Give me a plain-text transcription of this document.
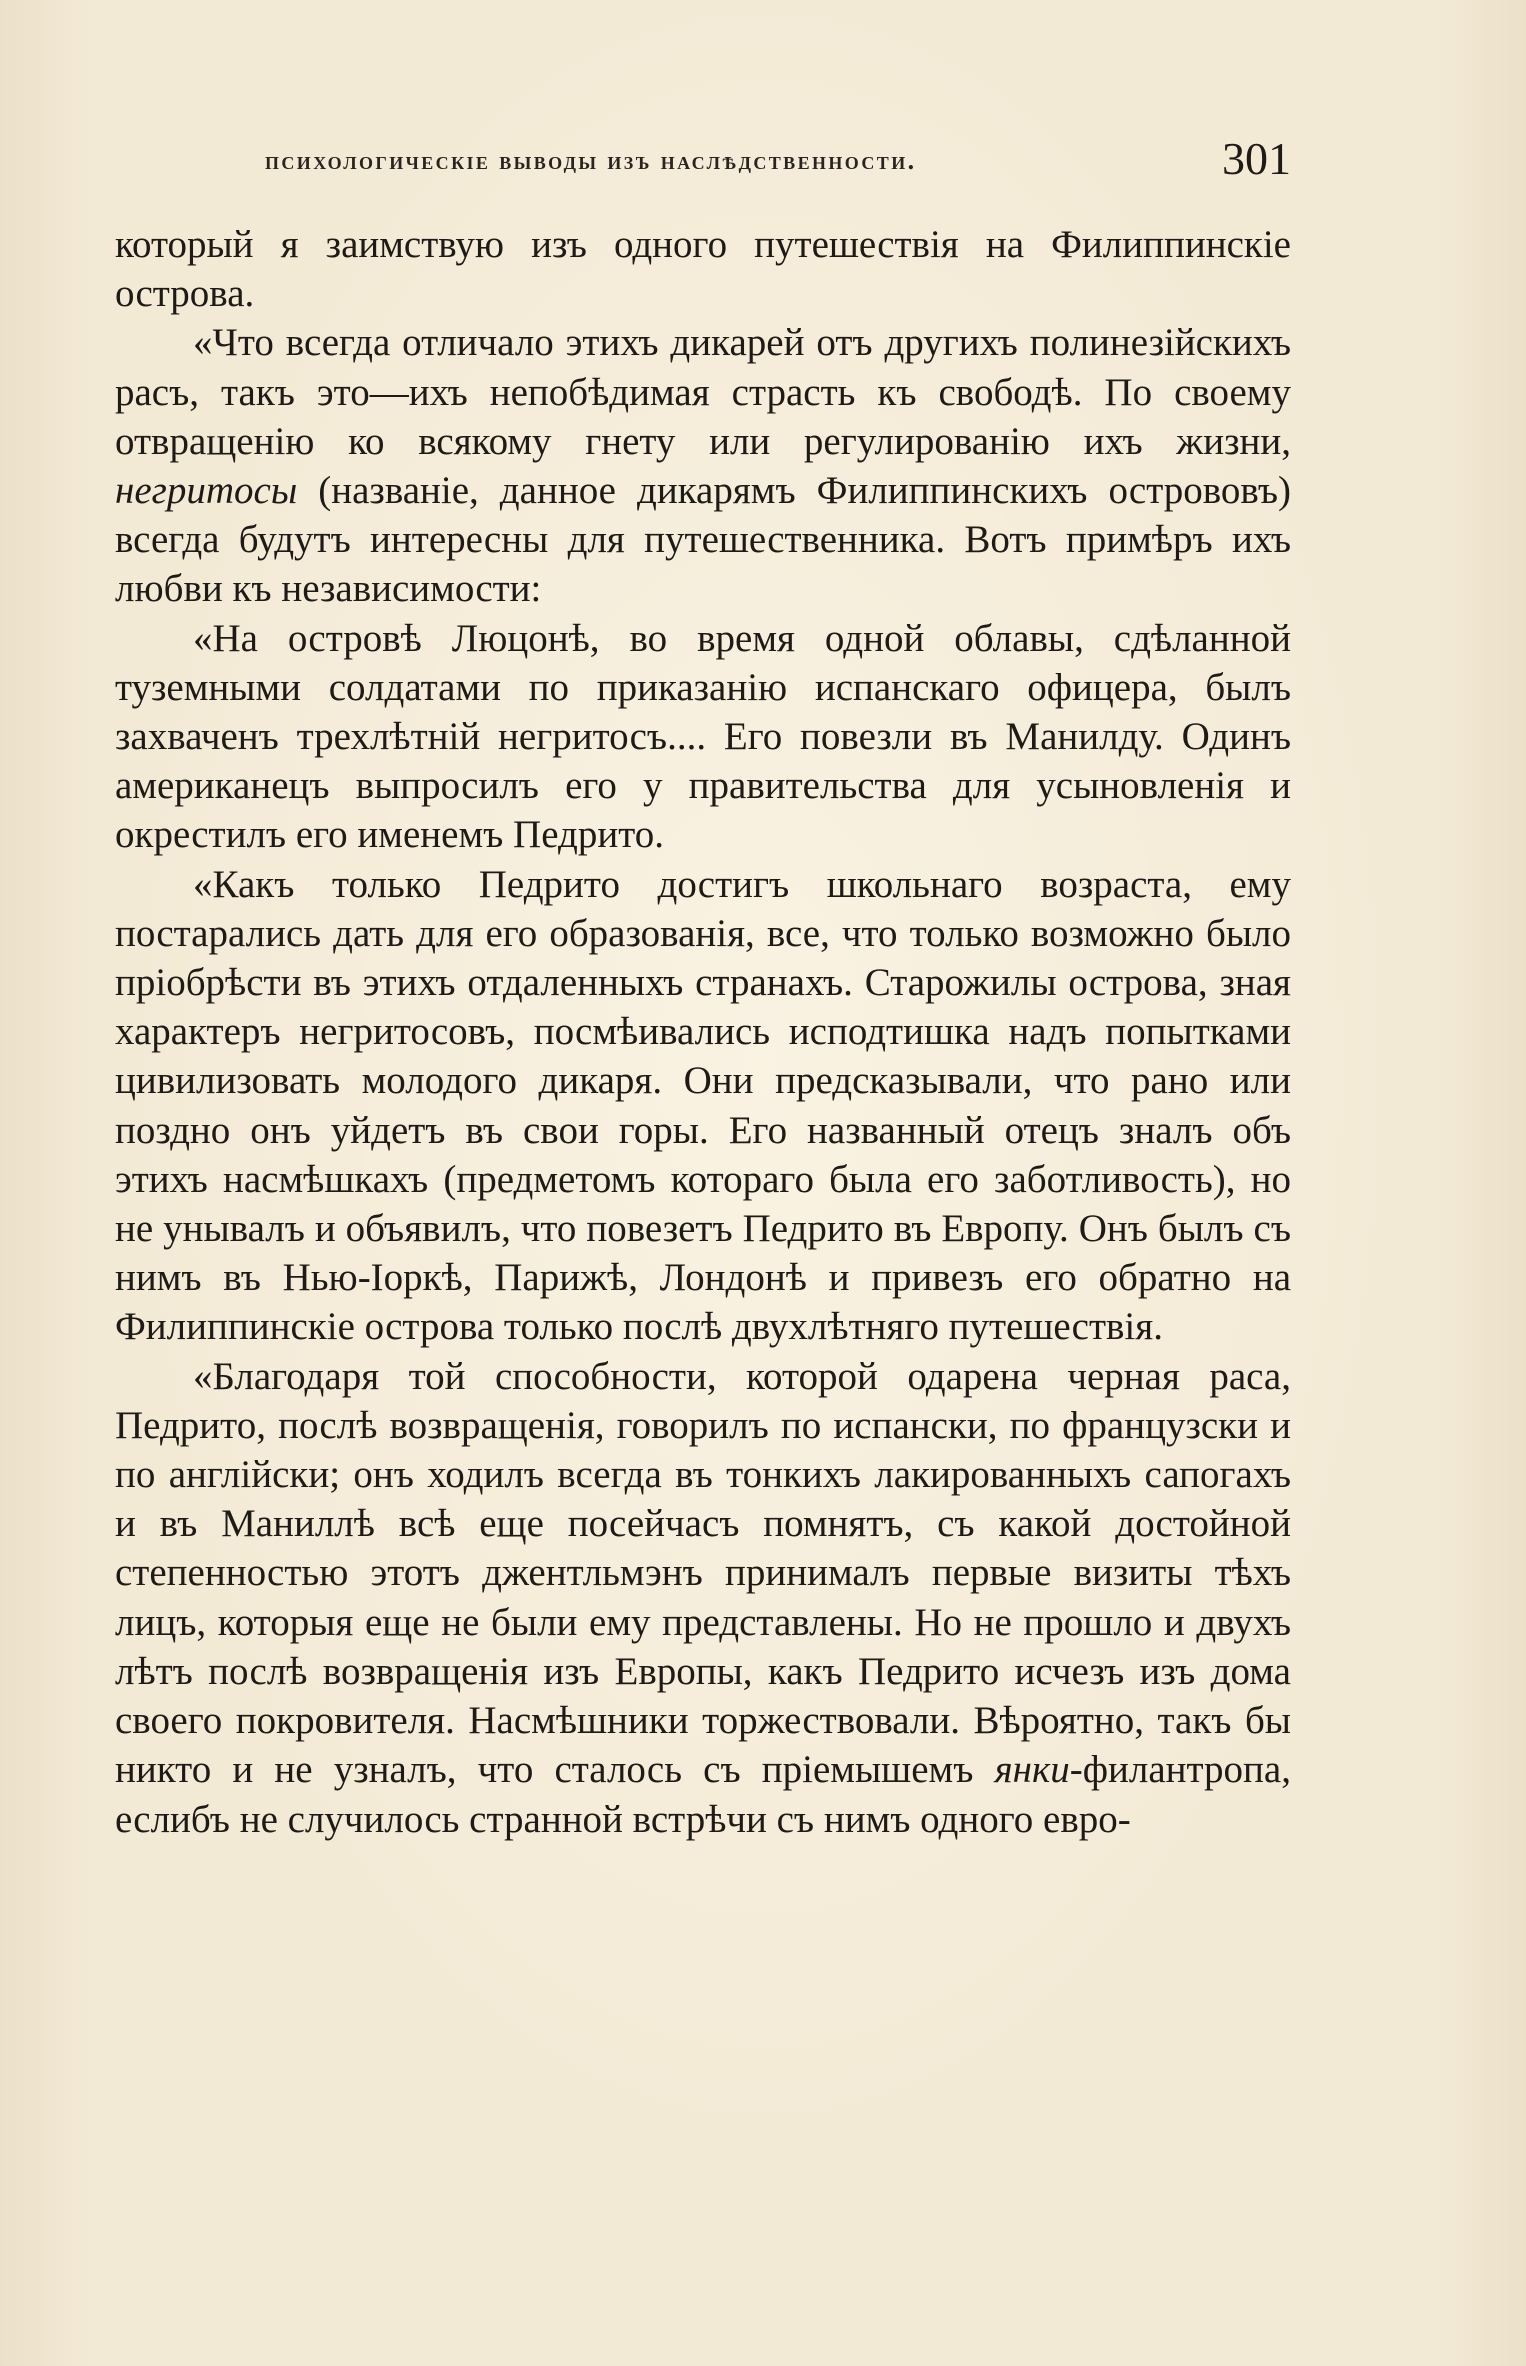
психологическіе выводы изъ наслѣдственности.	301

который я заимствую изъ одного путешествія на Филиппинскіе острова.

«Что всегда отличало этихъ дикарей отъ другихъ полинезійскихъ расъ, такъ это—ихъ непобѣдимая страсть къ свободѣ. По своему отвращенію ко всякому гнету или регулированію ихъ жизни, негритосы (названіе, данное дикарямъ Филиппинскихъ острововъ) всегда будутъ интересны для путешественника. Вотъ примѣръ ихъ любви къ независимости:

«На островѣ Люцонѣ, во время одной облавы, сдѣланной туземными солдатами по приказанію испанскаго офицера, былъ захваченъ трехлѣтній негритосъ.... Его повезли въ Манилду. Одинъ американецъ выпросилъ его у правительства для усыновленія и окрестилъ его именемъ Педрито.

«Какъ только Педрито достигъ школьнаго возраста, ему постарались дать для его образованія, все, что только возможно было пріобрѣсти въ этихъ отдаленныхъ странахъ. Старожилы острова, зная характеръ негритосовъ, посмѣивались исподтишка надъ попытками цивилизовать молодого дикаря. Они предсказывали, что рано или поздно онъ уйдетъ въ свои горы. Его названный отецъ зналъ объ этихъ насмѣшкахъ (предметомъ котораго была его заботливость), но не унывалъ и объявилъ, что повезетъ Педрито въ Европу. Онъ былъ съ нимъ въ Нью-Іоркѣ, Парижѣ, Лондонѣ и привезъ его обратно на Филиппинскіе острова только послѣ двухлѣтняго путешествія.

«Благодаря той способности, которой одарена черная раса, Педрито, послѣ возвращенія, говорилъ по испански, по французски и по англійски; онъ ходилъ всегда въ тонкихъ лакированныхъ сапогахъ и въ Маниллѣ всѣ еще посейчасъ помнятъ, съ какой достойной степенностью этотъ джентльмэнъ принималъ первые визиты тѣхъ лицъ, которыя еще не были ему представлены. Но не прошло и двухъ лѣтъ послѣ возвращенія изъ Европы, какъ Педрито исчезъ изъ дома своего покровителя. Насмѣшники торжествовали. Вѣроятно, такъ бы никто и не узналъ, что сталось съ пріемышемъ янки-филантропа, еслибъ не случилось странной встрѣчи съ нимъ одного евро-
